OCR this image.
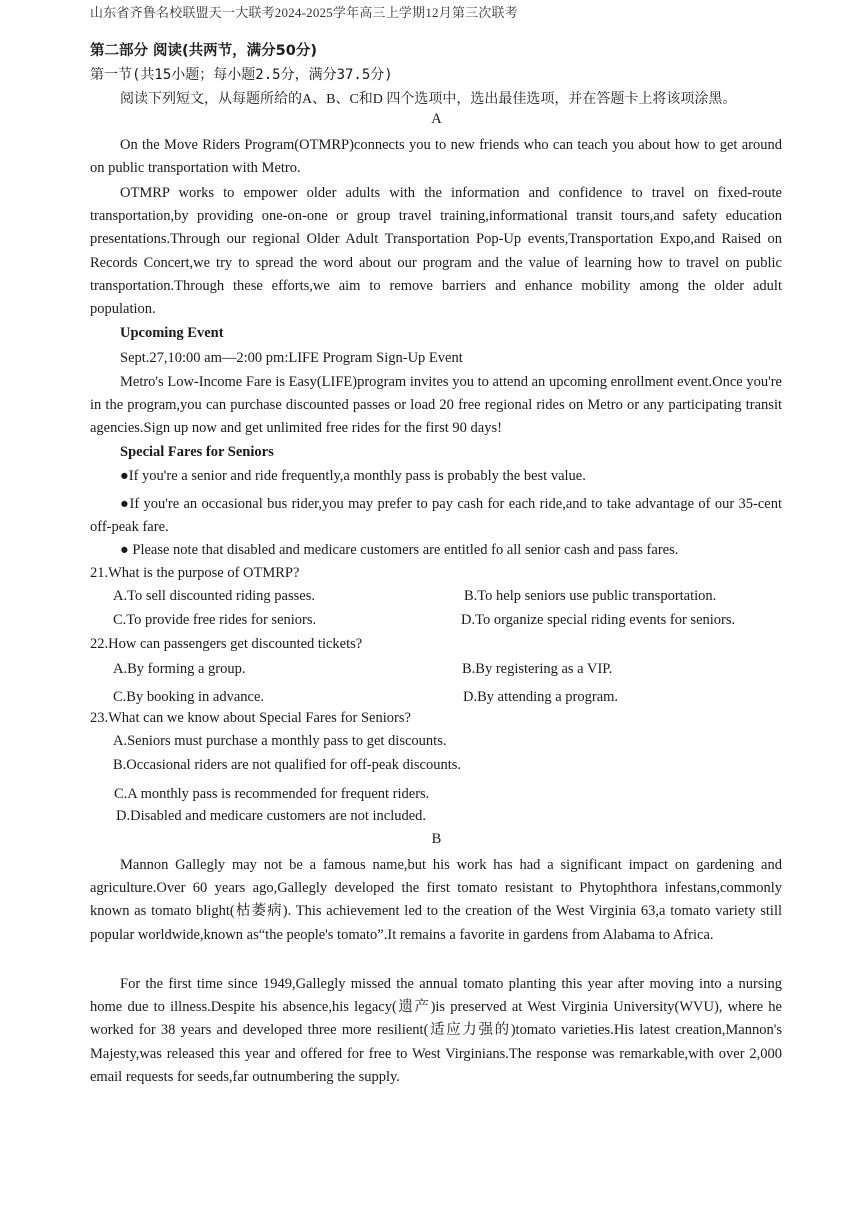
山东省齐鲁名校联盟天一大联考2024-2025学年高三上学期12月第三次联考
第二部分 阅读(共两节，满分50分)
第一节(共15小题；每小题2.5分，满分37.5分)
阅读下列短文，从每题所给的A、B、C和D 四个选项中，选出最佳选项，并在答题卡上将该项涂黑。
A
On the Move Riders Program(OTMRP)connects you to new friends who can teach you about how to get around on public transportation with Metro.
OTMRP works to empower older adults with the information and confidence to travel on fixed-route transportation,by providing one-on-one or group travel training,informational transit tours,and safety education presentations.Through our regional Older Adult Transportation Pop-Up events,Transportation Expo,and Raised on Records Concert,we try to spread the word about our program and the value of learning how to travel on public transportation.Through these efforts,we aim to remove barriers and enhance mobility among the older adult population.
Upcoming Event
Sept.27,10:00 am—2:00 pm:LIFE Program Sign-Up Event
Metro's Low-Income Fare is Easy(LIFE)program invites you to attend an upcoming enrollment event.Once you're in the program,you can purchase discounted passes or load 20 free regional rides on Metro or any participating transit agencies.Sign up now and get unlimited free rides for the first 90 days!
Special Fares for Seniors
●If you're a senior and ride frequently,a monthly pass is probably the best value.
●If you're an occasional bus rider,you may prefer to pay cash for each ride,and to take advantage of our 35-cent off-peak fare.
● Please note that disabled and medicare customers are entitled fo all senior cash and pass fares.
21.What is the purpose of OTMRP?
A.To sell discounted riding passes.	B.To help seniors use public transportation.
C.To provide free rides for seniors.	D.To organize special riding events for seniors.
22.How can passengers get discounted tickets?
A.By forming a group.	B.By registering as a VIP.
C.By booking in advance.	D.By attending a program.
23.What can we know about Special Fares for Seniors?
A.Seniors must purchase a monthly pass to get discounts.
B.Occasional riders are not qualified for off-peak discounts.
C.A monthly pass is recommended for frequent riders.
D.Disabled and medicare customers are not included.
B
Mannon Gallegly may not be a famous name,but his work has had a significant impact on gardening and agriculture.Over 60 years ago,Gallegly developed the first tomato resistant to Phytophthora infestans,commonly known as tomato blight(枯萎病). This achievement led to the creation of the West Virginia 63,a tomato variety still popular worldwide,known as“the people's tomato”.It remains a favorite in gardens from Alabama to Africa.
For the first time since 1949,Gallegly missed the annual tomato planting this year after moving into a nursing home due to illness.Despite his absence,his legacy(遗产)is preserved at West Virginia University(WVU), where he worked for 38 years and developed three more resilient(适应力强的)tomato varieties.His latest creation,Mannon's Majesty,was released this year and offered for free to West Virginians.The response was remarkable,with over 2,000 email requests for seeds,far outnumbering the supply.
